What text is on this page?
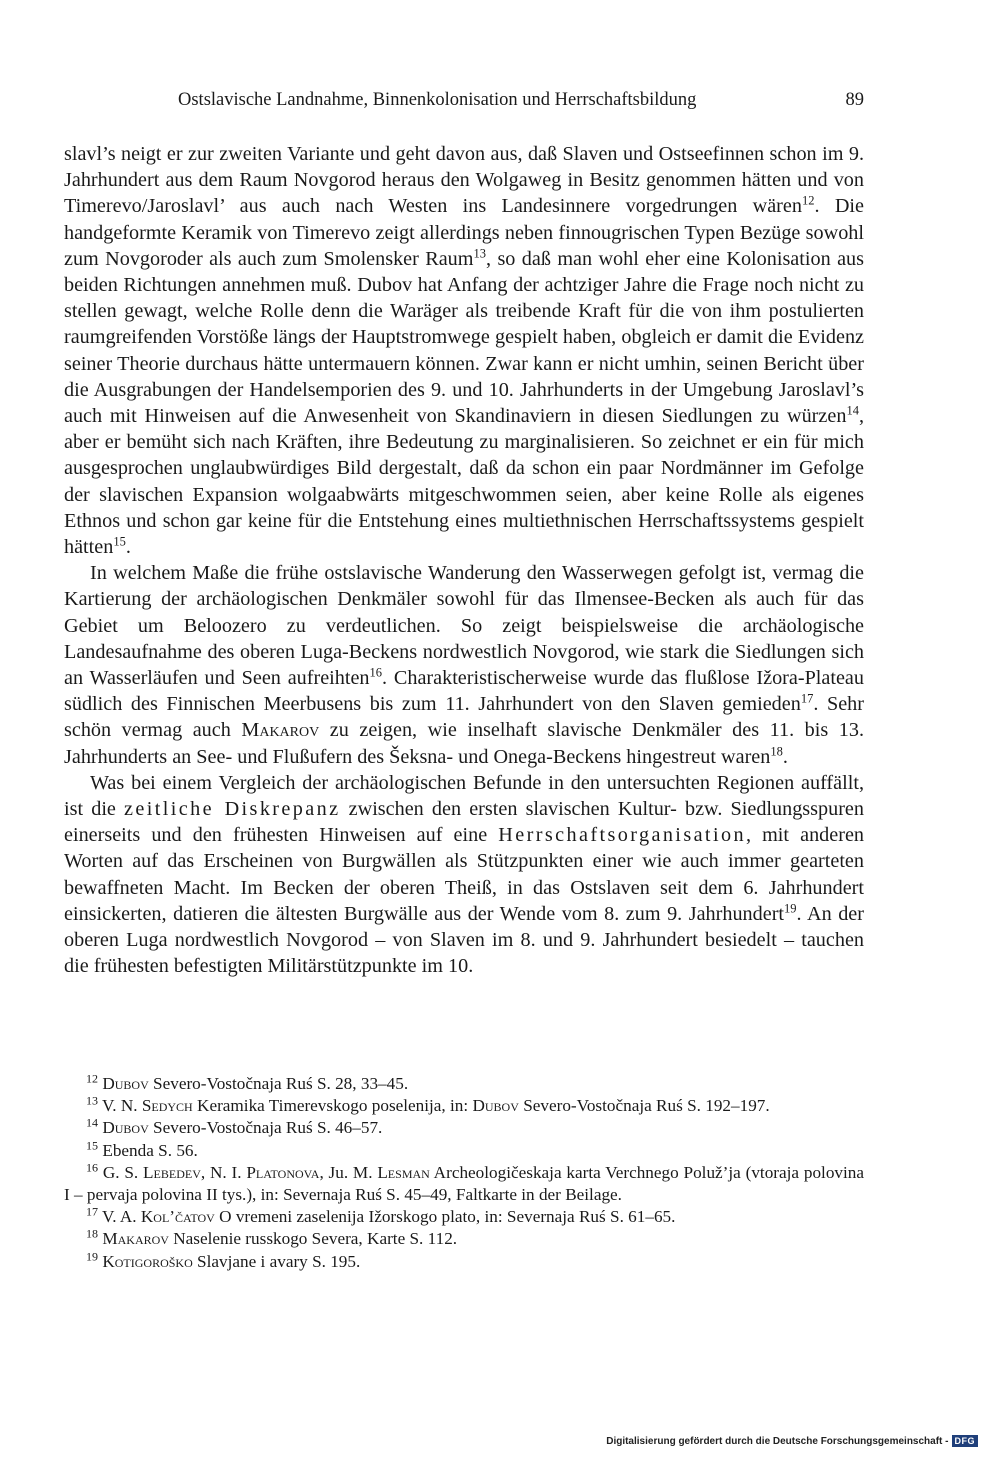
Ostslavische Landnahme, Binnenkolonisation und Herrschaftsbildung	89

slavl’s neigt er zur zweiten Variante und geht davon aus, daß Slaven und Ostseefinnen schon im 9. Jahrhundert aus dem Raum Novgorod heraus den Wolgaweg in Besitz genommen hätten und von Timerevo/Jaroslavl’ aus auch nach Westen ins Landesinnere vorgedrungen wären$^{12}$. Die handgeformte Keramik von Timerevo zeigt allerdings neben finnougrischen Typen Bezüge sowohl zum Novgoroder als auch zum Smolensker Raum$^{13}$, so daß man wohl eher eine Kolonisation aus beiden Richtungen annehmen muß. Dubov hat Anfang der achtziger Jahre die Frage noch nicht zu stellen gewagt, welche Rolle denn die Waräger als treibende Kraft für die von ihm postulierten raumgreifenden Vorstöße längs der Hauptstromwege gespielt haben, obgleich er damit die Evidenz seiner Theorie durchaus hätte untermauern können. Zwar kann er nicht umhin, seinen Bericht über die Ausgrabungen der Handelsemporien des 9. und 10. Jahrhunderts in der Umgebung Jaroslavl’s auch mit Hinweisen auf die Anwesenheit von Skandinaviern in diesen Siedlungen zu würzen$^{14}$, aber er bemüht sich nach Kräften, ihre Bedeutung zu marginalisieren. So zeichnet er ein für mich ausgesprochen unglaubwürdiges Bild dergestalt, daß da schon ein paar Nordmänner im Gefolge der slavischen Expansion wolgaabwärts mitgeschwommen seien, aber keine Rolle als eigenes Ethnos und schon gar keine für die Entstehung eines multiethnischen Herrschaftssystems gespielt hätten$^{15}$.

In welchem Maße die frühe ostslavische Wanderung den Wasserwegen gefolgt ist, vermag die Kartierung der archäologischen Denkmäler sowohl für das Ilmensee-Becken als auch für das Gebiet um Beloozero zu verdeutlichen. So zeigt beispielsweise die archäologische Landesaufnahme des oberen Luga-Beckens nordwestlich Novgorod, wie stark die Siedlungen sich an Wasserläufen und Seen aufreihten$^{16}$. Charakteristischerweise wurde das flußlose Ižora-Plateau südlich des Finnischen Meerbusens bis zum 11. Jahrhundert von den Slaven gemieden$^{17}$. Sehr schön vermag auch Makarov zu zeigen, wie inselhaft slavische Denkmäler des 11. bis 13. Jahrhunderts an See- und Flußufern des Šeksna- und Onega-Beckens hingestreut waren$^{18}$.

Was bei einem Vergleich der archäologischen Befunde in den untersuchten Regionen auffällt, ist die zeitliche Diskrepanz zwischen den ersten slavischen Kultur- bzw. Siedlungsspuren einerseits und den frühesten Hinweisen auf eine Herrschaftsorganisation, mit anderen Worten auf das Erscheinen von Burgwällen als Stützpunkten einer wie auch immer gearteten bewaffneten Macht. Im Becken der oberen Theiß, in das Ostslaven seit dem 6. Jahrhundert einsickerten, datieren die ältesten Burgwälle aus der Wende vom 8. zum 9. Jahrhundert$^{19}$. An der oberen Luga nordwestlich Novgorod – von Slaven im 8. und 9. Jahrhundert besiedelt – tauchen die frühesten befestigten Militärstützpunkte im 10.

$^{12}$ Dubov Severo-Vostočnaja Ruś S. 28, 33–45.

$^{13}$ V. N. Sedych Keramika Timerevskogo poselenija, in: Dubov Severo-Vostočnaja Ruś S. 192–197.

$^{14}$ Dubov Severo-Vostočnaja Ruś S. 46–57.

$^{15}$ Ebenda S. 56.

$^{16}$ G. S. Lebedev, N. I. Platonova, Ju. M. Lesman Archeologičeskaja karta Verchnego Poluž’ja (vtoraja polovina I – pervaja polovina II tys.), in: Severnaja Ruś S. 45–49, Faltkarte in der Beilage.

$^{17}$ V. A. Kol’čatov O vremeni zaselenija Ižorskogo plato, in: Severnaja Ruś S. 61–65.

$^{18}$ Makarov Naselenie russkogo Severa, Karte S. 112.

$^{19}$ Kotigoroško Slavjane i avary S. 195.

Digitalisierung gefördert durch die Deutsche Forschungsgemeinschaft - DFG
